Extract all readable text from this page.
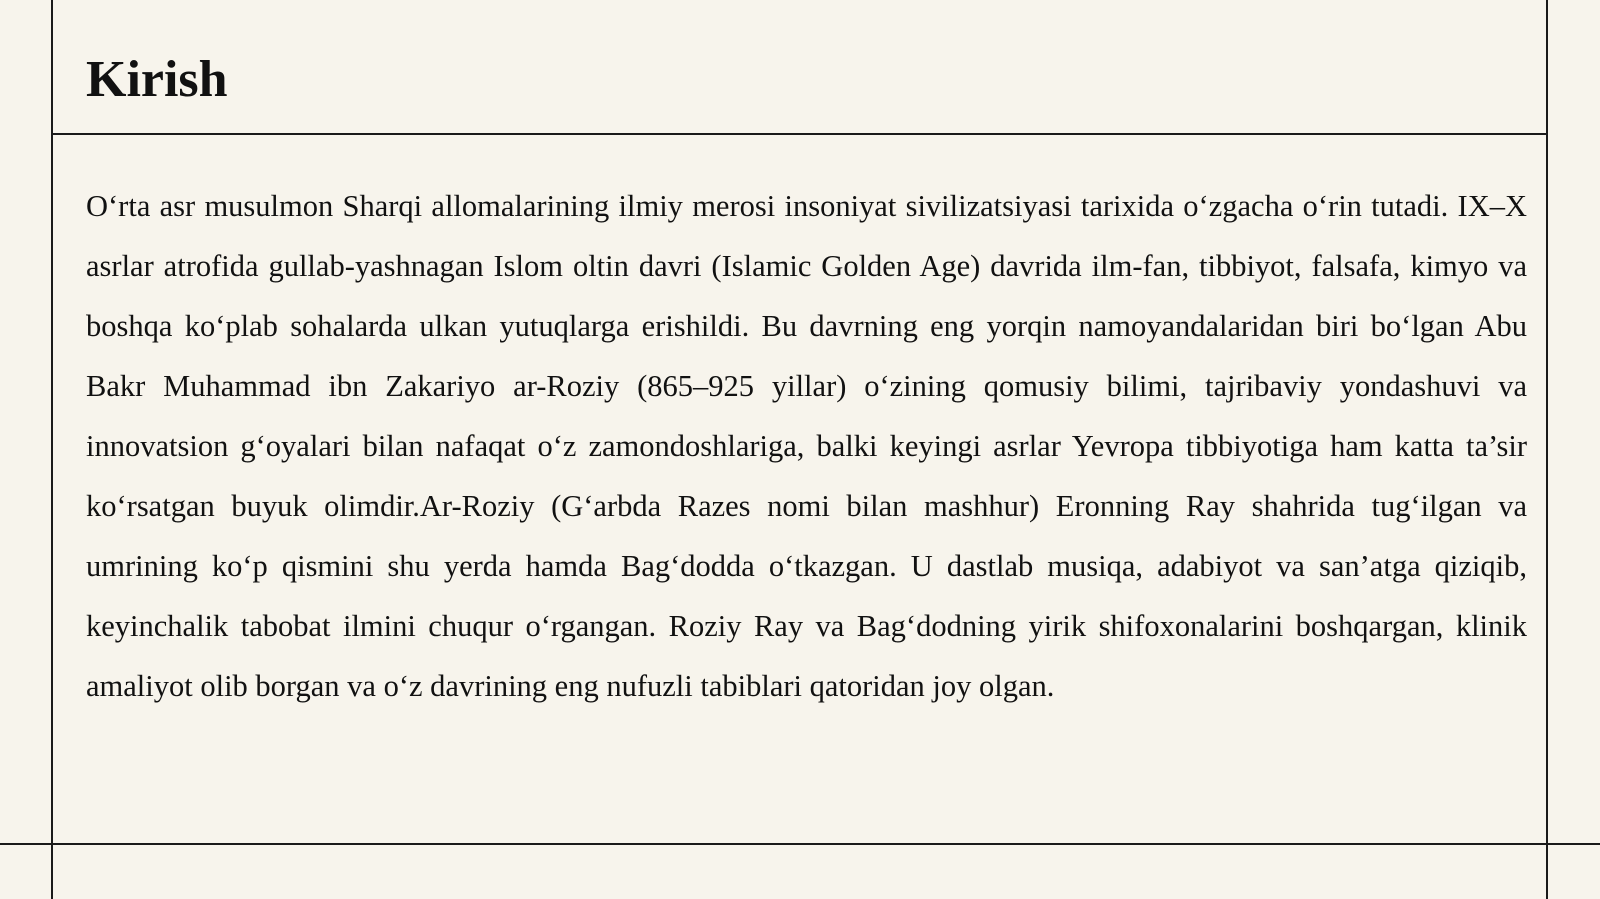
Kirish

O‘rta asr musulmon Sharqi allomalarining ilmiy merosi insoniyat sivilizatsiyasi tarixida o‘zgacha o‘rin tutadi. IX–X asrlar atrofida gullab-yashnagan Islom oltin davri (Islamic Golden Age) davrida ilm-fan, tibbiyot, falsafa, kimyo va boshqa ko‘plab sohalarda ulkan yutuqlarga erishildi. Bu davrning eng yorqin namoyandalaridan biri bo‘lgan Abu Bakr Muhammad ibn Zakariyo ar-Roziy (865–925 yillar) o‘zining qomusiy bilimi, tajribaviy yondashuvi va innovatsion g‘oyalari bilan nafaqat o‘z zamondoshlariga, balki keyingi asrlar Yevropa tibbiyotiga ham katta ta’sir ko‘rsatgan buyuk olimdir.Ar-Roziy (G‘arbda Razes nomi bilan mashhur) Eronning Ray shahrida tug‘ilgan va umrining ko‘p qismini shu yerda hamda Bag‘dodda o‘tkazgan. U dastlab musiqa, adabiyot va san’atga qiziqib, keyinchalik tabobat ilmini chuqur o‘rgangan. Roziy Ray va Bag‘dodning yirik shifoxonalarini boshqargan, klinik amaliyot olib borgan va o‘z davrining eng nufuzli tabiblari qatoridan joy olgan.
